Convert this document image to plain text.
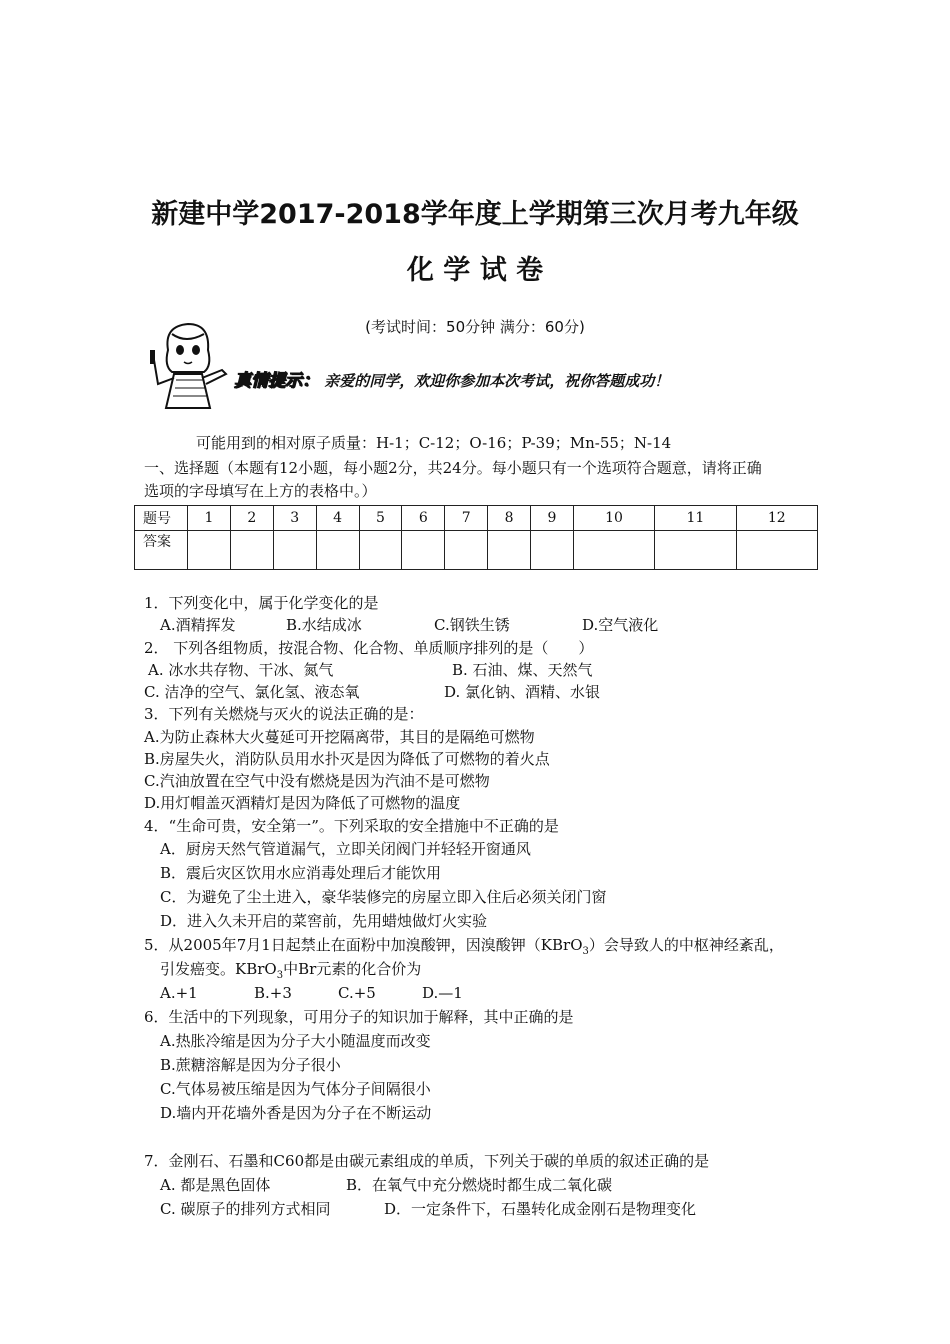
新建中学2017-2018学年度上学期第三次月考九年级
化 学 试 卷
(考试时间：50分钟 满分：60分)
真情提示： 亲爱的同学，欢迎你参加本次考试，祝你答题成功！
可能用到的相对原子质量：H-1；C-12；O-16；P-39；Mn-55；N-14
一、选择题（本题有12小题，每小题2分，共24分。每小题只有一个选项符合题意，请将正确
选项的字母填写在上方的表格中。）
题号	1	2	3	4	5	6	7	8	9	10	11	12
答案												
1．下列变化中，属于化学变化的是
A.酒精挥发	B.水结成冰	C.钢铁生锈	D.空气液化
2． 下列各组物质，按混合物、化合物、单质顺序排列的是（　　）
A. 冰水共存物、干冰、氮气	B. 石油、煤、天然气
C. 洁净的空气、氯化氢、液态氧	D. 氯化钠、酒精、水银
3．下列有关燃烧与灭火的说法正确的是：
A.为防止森林大火蔓延可开挖隔离带，其目的是隔绝可燃物
B.房屋失火，消防队员用水扑灭是因为降低了可燃物的着火点
C.汽油放置在空气中没有燃烧是因为汽油不是可燃物
D.用灯帽盖灭酒精灯是因为降低了可燃物的温度
4．“生命可贵，安全第一”。下列采取的安全措施中不正确的是
A．厨房天然气管道漏气，立即关闭阀门并轻轻开窗通风
B．震后灾区饮用水应消毒处理后才能饮用
C．为避免了尘土进入，豪华装修完的房屋立即入住后必须关闭门窗
D．进入久未开启的菜窖前，先用蜡烛做灯火实验
5．从2005年7月1日起禁止在面粉中加溴酸钾，因溴酸钾（KBrO$_3$）会导致人的中枢神经紊乱，
引发癌变。KBrO$_3$中Br元素的化合价为
A.+1	B.+3	C.+5	D.—1
6．生活中的下列现象，可用分子的知识加于解释，其中正确的是
A.热胀冷缩是因为分子大小随温度而改变
B.蔗糖溶解是因为分子很小
C.气体易被压缩是因为气体分子间隔很小
D.墙内开花墙外香是因为分子在不断运动
7．金刚石、石墨和C60都是由碳元素组成的单质，下列关于碳的单质的叙述正确的是
A. 都是黑色固体	B．在氧气中充分燃烧时都生成二氧化碳
C. 碳原子的排列方式相同	D．一定条件下，石墨转化成金刚石是物理变化
